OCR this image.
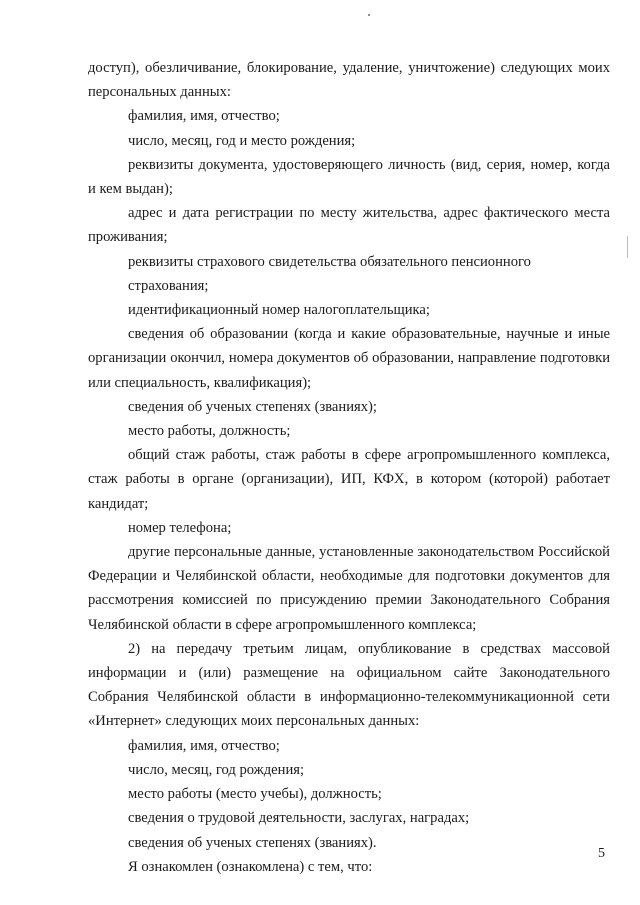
доступ), обезличивание, блокирование, удаление, уничтожение) следующих моих персональных данных:

фамилия, имя, отчество;

число, месяц, год и место рождения;

реквизиты документа, удостоверяющего личность (вид, серия, номер, когда и кем выдан);

адрес и дата регистрации по месту жительства, адрес фактического места проживания;

реквизиты страхового свидетельства обязательного пенсионного страхования;

идентификационный номер налогоплательщика;

сведения об образовании (когда и какие образовательные, научные и иные организации окончил, номера документов об образовании, направление подготовки или специальность, квалификация);

сведения об ученых степенях (званиях);

место работы, должность;

общий стаж работы, стаж работы в сфере агропромышленного комплекса, стаж работы в органе (организации), ИП, КФХ, в котором (которой) работает кандидат;

номер телефона;

другие персональные данные, установленные законодательством Российской Федерации и Челябинской области, необходимые для подготовки документов для рассмотрения комиссией по присуждению премии Законодательного Собрания Челябинской области в сфере агропромышленного комплекса;

2) на передачу третьим лицам, опубликование в средствах массовой информации и (или) размещение на официальном сайте Законодательного Собрания Челябинской области в информационно-телекоммуникационной сети «Интернет» следующих моих персональных данных:

фамилия, имя, отчество;

число, месяц, год рождения;

место работы (место учебы), должность;

сведения о трудовой деятельности, заслугах, наградах;

сведения об ученых степенях (званиях).

Я ознакомлен (ознакомлена) с тем, что:

5
